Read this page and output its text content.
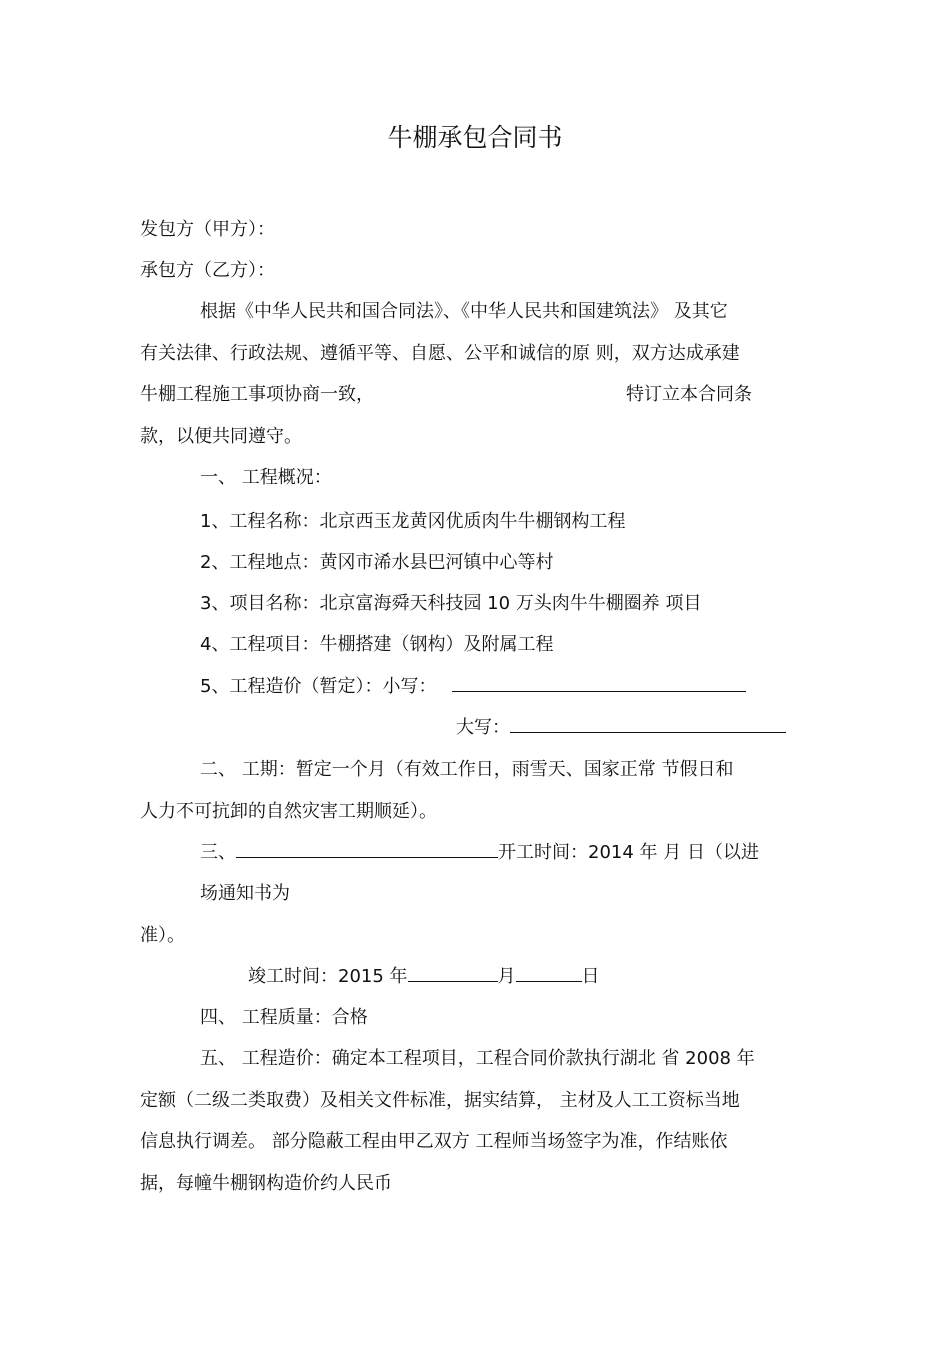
牛棚承包合同书
发包方（甲方）：
承包方（乙方）：
根据《中华人民共和国合同法》、《中华人民共和国建筑法》 及其它
有关法律、行政法规、遵循平等、自愿、公平和诚信的原 则，双方达成承建
牛棚工程施工事项协商一致，	特订立本合同条
款，以便共同遵守。
一、 工程概况：
1、工程名称：北京西玉龙黄冈优质肉牛牛棚钢构工程
2、工程地点：黄冈市浠水县巴河镇中心等村
3、项目名称：北京富海舜天科技园 10 万头肉牛牛棚圈养 项目
4、工程项目：牛棚搭建（钢构）及附属工程
5、工程造价（暂定）：小写：
大写：
二、 工期：暂定一个月（有效工作日，雨雪天、国家正常 节假日和
人力不可抗卸的自然灾害工期顺延）。
三、	开工时间：2014 年 月 日（以进
场通知书为
准）。
竣工时间：2015 年	月	日
四、 工程质量：合格
五、 工程造价：确定本工程项目，工程合同价款执行湖北 省 2008 年
定额（二级二类取费）及相关文件标准，据实结算， 主材及人工工资标当地
信息执行调差。 部分隐蔽工程由甲乙双方 工程师当场签字为准，作结账依
据，每幢牛棚钢构造价约人民币
